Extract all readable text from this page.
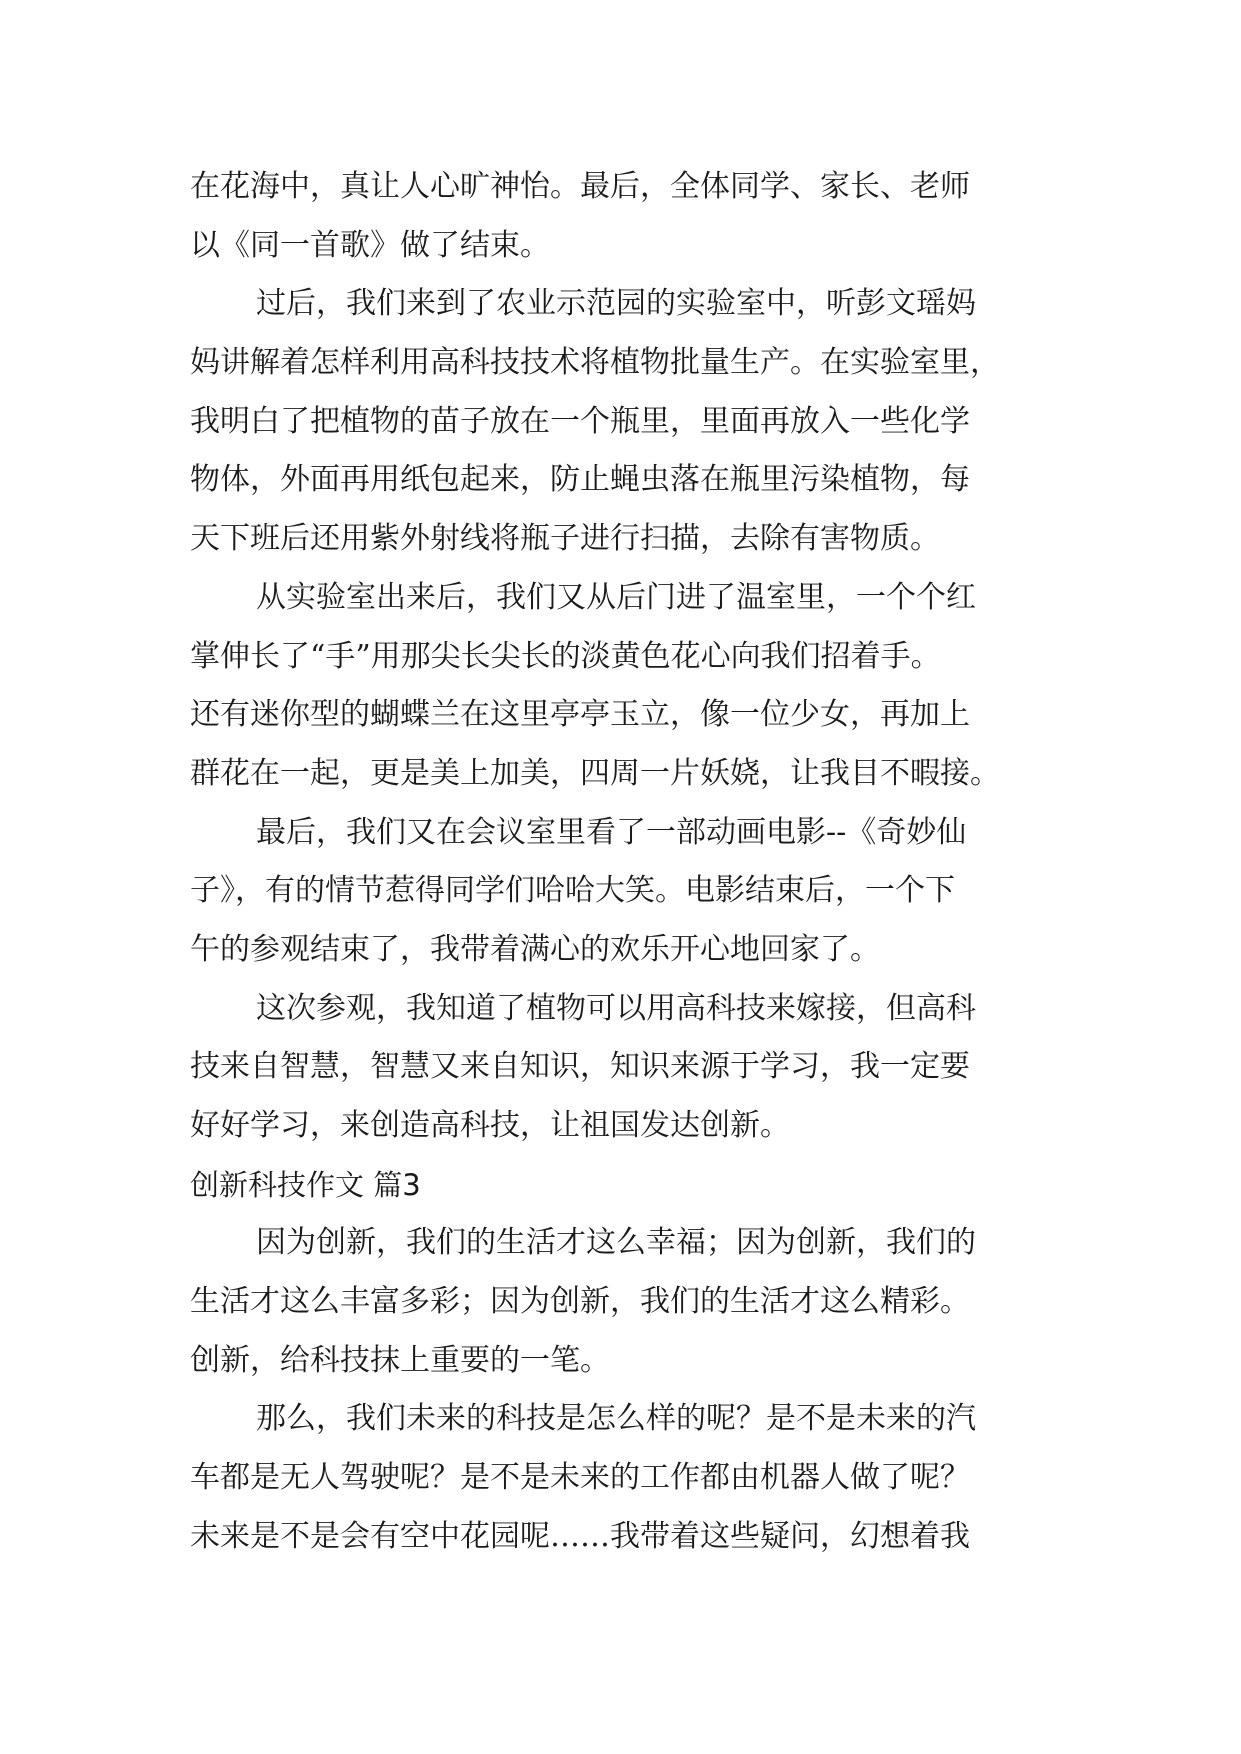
在花海中，真让人心旷神怡。最后，全体同学、家长、老师
以《同一首歌》做了结束。
过后，我们来到了农业示范园的实验室中，听彭文瑶妈
妈讲解着怎样利用高科技技术将植物批量生产。在实验室里，
我明白了把植物的苗子放在一个瓶里，里面再放入一些化学
物体，外面再用纸包起来，防止蝇虫落在瓶里污染植物，每
天下班后还用紫外射线将瓶子进行扫描，去除有害物质。
从实验室出来后，我们又从后门进了温室里，一个个红
掌伸长了“手”用那尖长尖长的淡黄色花心向我们招着手。
还有迷你型的蝴蝶兰在这里亭亭玉立，像一位少女，再加上
群花在一起，更是美上加美，四周一片妖娆，让我目不暇接。
最后，我们又在会议室里看了一部动画电影--《奇妙仙
子》，有的情节惹得同学们哈哈大笑。电影结束后，一个下
午的参观结束了，我带着满心的欢乐开心地回家了。
这次参观，我知道了植物可以用高科技来嫁接，但高科
技来自智慧，智慧又来自知识，知识来源于学习，我一定要
好好学习，来创造高科技，让祖国发达创新。
创新科技作文 篇3
因为创新，我们的生活才这么幸福；因为创新，我们的
生活才这么丰富多彩；因为创新，我们的生活才这么精彩。
创新，给科技抹上重要的一笔。
那么，我们未来的科技是怎么样的呢？是不是未来的汽
车都是无人驾驶呢？是不是未来的工作都由机器人做了呢？
未来是不是会有空中花园呢……我带着这些疑问，幻想着我
